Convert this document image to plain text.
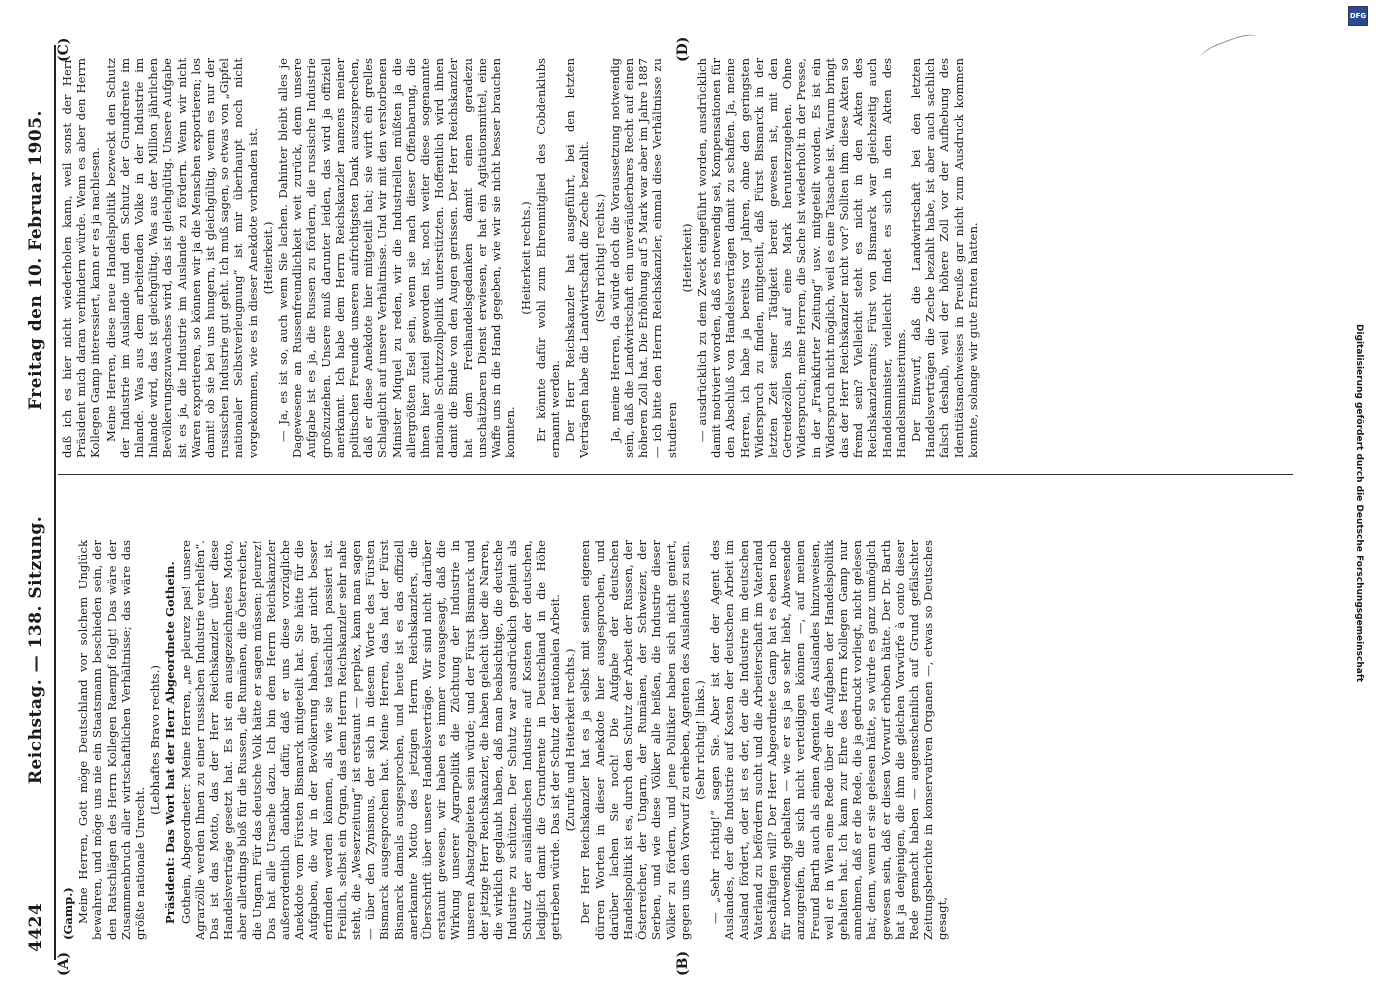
4424
Reichstag. — 138. Sitzung.
Freitag den 10. Februar 1905.
(A)	(B)
(C)	(D)

(Gamp.) Meine Herren, Gott möge Deutschland vor solchem Unglück bewahren, und möge uns nie ein Staatsmann beschieden sein, der den Ratschlägen des Herrn Kollegen Raempf folgt! Das wäre der Zusammenbruch aller wirtschaftlichen Verhältnisse; das wäre das größte nationale Unrecht.

(Lebhaftes Bravo rechts.) Präsident: Das Wort hat der Herr Abgeordnete Gothein. Gothein, Abgeordneter: Meine Herren, „ne pleurez pas! unsere Agrarzölle werden Ihnen zu einer russischen Industrie verhelfen“. Das ist das Motto, das der Herr Reichskanzler über diese Handelsverträge gesetzt hat. Es ist ein ausgezeichnetes Motto, aber allerdings bloß für die Russen, die Rumänen, die Österreicher, die Ungarn. Für das deutsche Volk hätte er sagen müssen: pleurez! Das hat alle Ursache dazu. Ich bin dem Herrn Reichskanzler außerordentlich dankbar dafür, daß er uns diese vorzügliche Anekdote vom Fürsten Bismarck mitgeteilt hat. Sie hätte für die Aufgaben, die wir in der Bevölkerung haben, gar nicht besser erfunden werden können, als wie sie tatsächlich passiert ist. Freilich, selbst ein Organ, das dem Herrn Reichskanzler sehr nahe steht, die „Weserzeitung“ ist erstaunt — perplex, kann man sagen — über den Zynismus, der sich in diesem Worte des Fürsten Bismarck ausgesprochen hat. Meine Herren, das hat der Fürst Bismarck damals ausgesprochen, und heute ist es das offiziell anerkannte Motto des jetzigen Herrn Reichskanzlers, die Überschrift über unsere Handelsverträge. Wir sind nicht darüber erstaunt gewesen, wir haben es immer vorausgesagt, daß die Wirkung unserer Agrarpolitik die Züchtung der Industrie in unseren Absatzgebieten sein würde; und der Fürst Bismarck und der jetzige Herr Reichskanzler, die haben gelacht über die Narren, die wirklich geglaubt haben, daß man beabsichtige, die deutsche Industrie zu schützen. Der Schutz war ausdrücklich geplant als Schutz der ausländischen Industrie auf Kosten der deutschen, lediglich damit die Grundrente in Deutschland in die Höhe getrieben würde. Das ist der Schutz der nationalen Arbeit. (Zurufe und Heiterkeit rechts.) Der Herr Reichskanzler hat es ja selbst mit seinen eigenen dürren Worten in dieser Anekdote hier ausgesprochen, und darüber lachen Sie noch! Die Aufgabe der deutschen Handelspolitik ist es, durch den Schutz der Arbeit der Russen, der Österreicher, der Ungarn, der Rumänen, der Schweizer, der Serben, und wie diese Völker alle heißen, die Industrie dieser Völker zu fördern, und jene Politiker haben sich nicht geniert, gegen uns den Vorwurf zu erheben, Agenten des Auslandes zu sein. (Sehr richtig! links.) — „Sehr richtig!“ sagen Sie. Aber ist der der Agent des Auslandes, der die Industrie auf Kosten der deutschen Arbeit im Ausland fördert, oder ist es der, der die Industrie im deutschen Vaterland zu befördern sucht und die Arbeiterschaft im Vaterland beschäftigen will? Der Herr Abgeordnete Gamp hat es eben noch für notwendig gehalten — wie er es ja so sehr liebt, Abwesende anzugreifen, die sich nicht verteidigen können —, auf meinen Freund Barth auch als einen Agenten des Auslandes hinzuweisen, weil er in Wien eine Rede über die Aufgaben der Handelspolitik gehalten hat. Ich kann zur Ehre des Herrn Kollegen Gamp nur annehmen, daß er die Rede, die ja gedruckt vorliegt, nicht gelesen hat; denn, wenn er sie gelesen hätte, so würde es ganz unmöglich gewesen sein, daß er diesen Vorwurf erhoben hätte. Der Dr. Barth hat ja denjenigen, die ihm die gleichen Vorwürfe à conto dieser Rede gemacht haben — augenscheinlich auf Grund gefälschter Zeitungsberichte in konservativen Organen —, etwas so Deutsches gesagt,

daß ich es hier nicht wiederholen kann, weil sonst der Herr Präsident mich daran verhindern würde. Wenn es aber den Herrn Kollegen Gamp interessiert, kann er es ja nachlesen. Meine Herren, diese neue Handelspolitik bezweckt den Schutz der Industrie im Auslande und den Schutz der Grundrente im Inlande. Was aus dem arbeitenden Volke in der Industrie im Inlande wird, das ist gleichgültig. Was aus der Million jährlichen Bevölkerungszuwachses wird, das ist gleichgültig. Unsere Aufgabe ist es ja, die Industrie im Auslande zu fördern. Wenn wir nicht Waren exportieren, so können wir ja die Menschen exportieren; los damit! ob sie bei uns hungern, ist gleichgültig, wenn es nur der russischen Industrie gut geht. Ich muß sagen, so etwas von „Gipfel nationaler Selbstverleugnung“ ist mir überhaupt noch nicht vorgekommen, wie es in dieser Anekdote vorhanden ist. (Heiterkeit.) — Ja, es ist so, auch wenn Sie lachen. Dahinter bleibt alles je Dagewesene an Russenfreundlichkeit weit zurück, denn unsere Aufgabe ist es ja, die Russen zu fördern, die russische Industrie großzuziehen. Unsere muß darunter leiden, das wird ja offiziell anerkannt. Ich habe dem Herrn Reichskanzler namens meiner politischen Freunde unseren aufrichtigsten Dank auszusprechen, daß er diese Anekdote hier mitgeteilt hat; sie wirft ein grelles Schlaglicht auf unsere Verhältnisse. Und wir mit den verstorbenen Minister Miquel zu reden, wir die Industriellen müßten ja die allergrößten Esel sein, wenn sie nach dieser Offenbarung, die ihnen hier zuteil geworden ist, noch weiter diese sogenannte nationale Schutzzollpolitik unterstützten. Hoffentlich wird ihnen damit die Binde von den Augen gerissen. Der Herr Reichskanzler hat dem Freihandelsgedanken damit einen geradezu unschätzbaren Dienst erwiesen, er hat ein Agitationsmittel, eine Waffe uns in die Hand gegeben, wie wir sie nicht besser brauchen konnten.

(Heiterkeit rechts.) Er könnte dafür wohl zum Ehrenmitglied des Cobdenklubs ernannt werden. Der Herr Reichskanzler hat ausgeführt, bei den letzten Verträgen habe die Landwirtschaft die Zeche bezahlt. (Sehr richtig! rechts.) Ja, meine Herren, da würde doch die Voraussetzung notwendig sein, daß die Landwirtschaft ein unveräußerbares Recht auf einen höheren Zoll hat. Die Erhöhung auf 5 Mark war aber im Jahre 1887 — ich bitte den Herrn Reichskanzler, einmal diese Verhältnisse zu studieren

(Heiterkeit) — ausdrücklich zu dem Zweck eingeführt worden, ausdrücklich damit motiviert worden, daß es notwendig sei, Kompensationen für den Abschluß von Handelsverträgen damit zu schaffen. Ja, meine Herren, ich habe ja bereits vor Jahren, ohne den geringsten Widerspruch zu finden, mitgeteilt, daß Fürst Bismarck in der letzten Zeit seiner Tätigkeit bereit gewesen ist, mit den Getreidezöllen bis auf eine Mark herunterzugehen. Ohne Widerspruch; meine Herren, die Sache ist wiederholt in der Presse, in der „Frankfurter Zeitung“ usw. mitgeteilt worden. Es ist ein Widerspruch nicht möglich, weil es eine Tatsache ist. Warum bringt das der Herr Reichskanzler nicht vor? Sollten ihm diese Akten so fremd sein? Vielleicht steht es nicht in den Akten des Reichskanzleramts; Fürst von Bismarck war gleichzeitig auch Handelsminister, vielleicht findet es sich in den Akten des Handelsministeriums. Der Einwurf, daß die Landwirtschaft bei den letzten Handelsverträgen die Zeche bezahlt habe, ist aber auch sachlich falsch deshalb, weil der höhere Zoll vor der Aufhebung des Identitätsnachweises in Preuße gar nicht zum Ausdruck kommen konnte, solange wir gute Ernten hatten.

DFG
Digitalisierung gefördert durch die Deutsche Forschungsgemeinschaft
